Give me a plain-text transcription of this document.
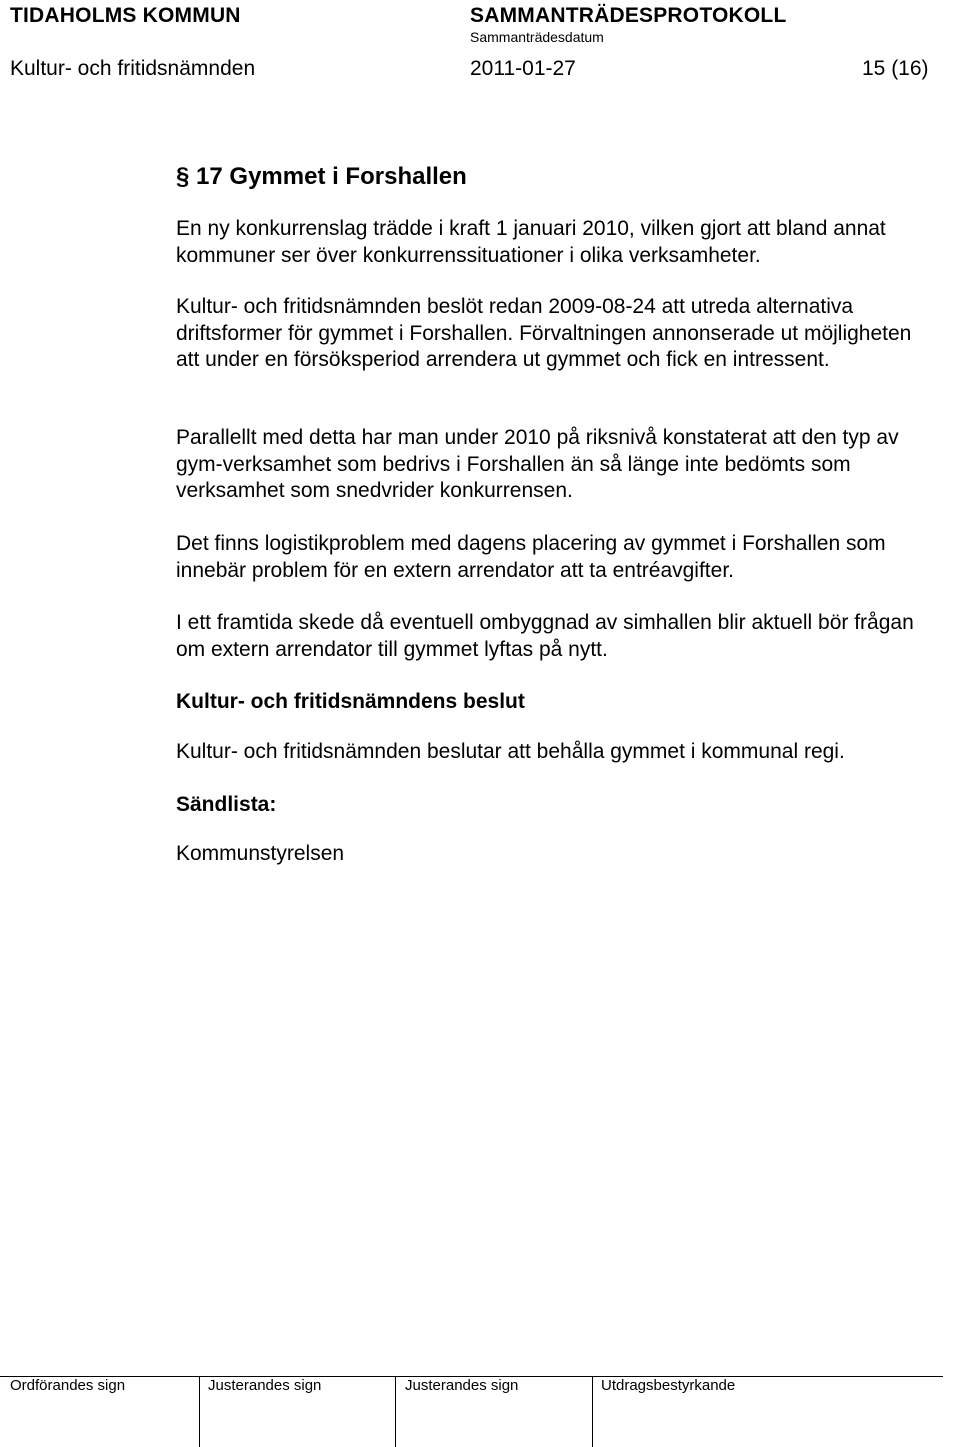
TIDAHOLMS KOMMUN	SAMMANTRÄDESPROTOKOLL
Sammanträdesdatum
Kultur- och fritidsnämnden	2011-01-27	15 (16)
§ 17 Gymmet i Forshallen
En ny konkurrenslag trädde i kraft 1 januari 2010, vilken gjort att bland annat kommuner ser över konkurrenssituationer i olika verksamheter.
Kultur- och fritidsnämnden beslöt redan 2009-08-24 att utreda alternativa driftsformer för gymmet i Forshallen. Förvaltningen annonserade ut möjligheten att under en försöksperiod arrendera ut gymmet och fick en intressent.
Parallellt med detta har man under 2010 på riksnivå konstaterat att den typ av gym-verksamhet som bedrivs i Forshallen än så länge inte bedömts som verksamhet som snedvrider konkurrensen.
Det finns logistikproblem med dagens placering av gymmet i Forshallen som innebär problem för en extern arrendator att ta entréavgifter.
I ett framtida skede då eventuell ombyggnad av simhallen blir aktuell bör frågan om extern arrendator till gymmet lyftas på nytt.
Kultur- och fritidsnämndens beslut
Kultur- och fritidsnämnden beslutar att behålla gymmet i kommunal regi.
Sändlista:
Kommunstyrelsen
Ordförandes sign	Justerandes sign	Justerandes sign	Utdragsbestyrkande
